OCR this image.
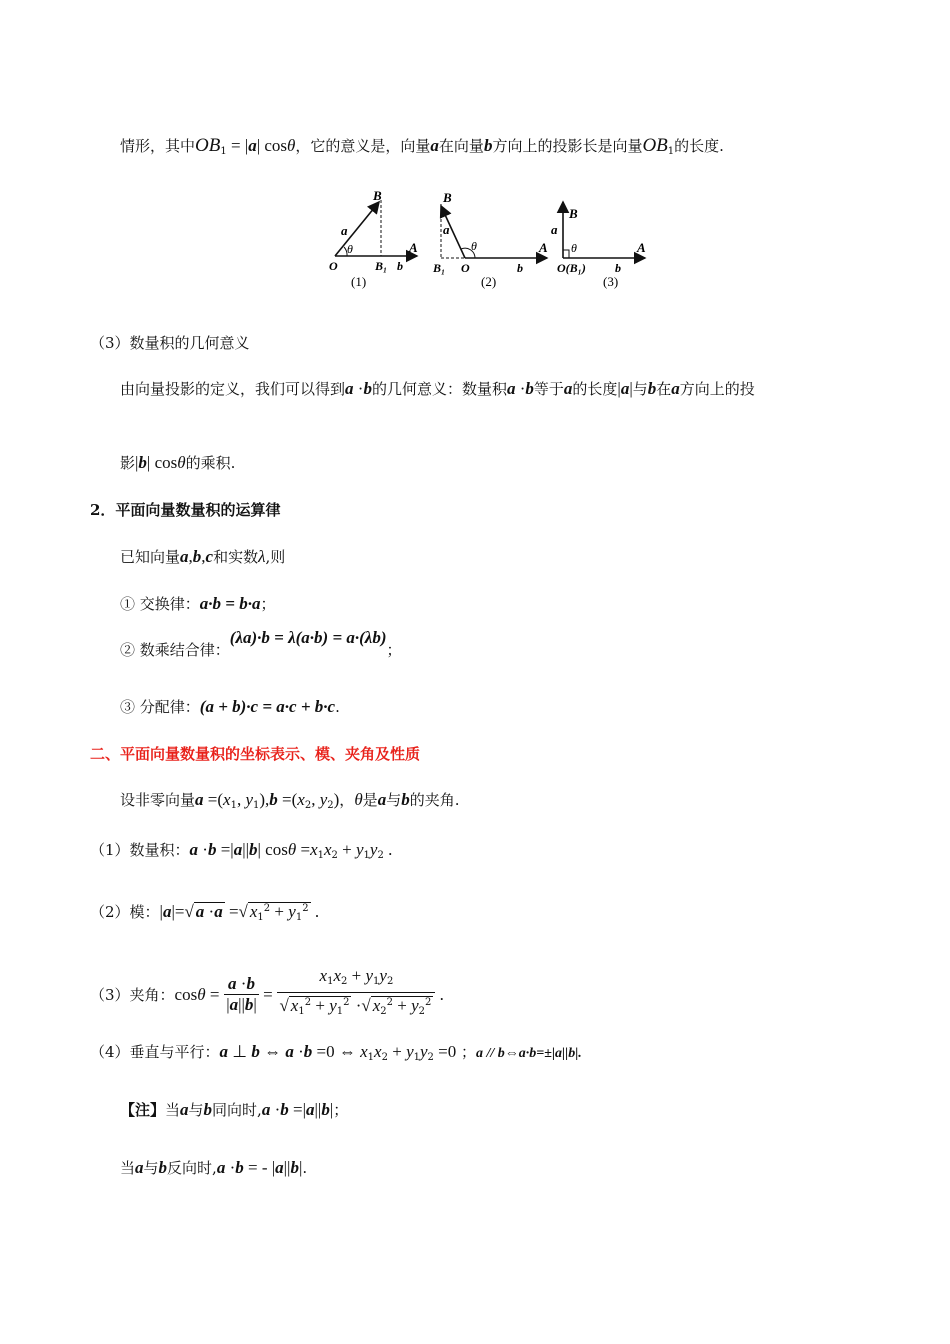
情形，其中$OB_1 = |a|$ cosθ，它的意义是，向量a在向量b方向上的投影长是向量$OB_1$的长度.
B
a
θ
O	B₁ b
A
(1)
B
a
θ
B₁ O	b
A
(2)
B
a
θ
O(B₁) b
A
(3)
（3）数量积的几何意义
由向量投影的定义，我们可以得到a ·b的几何意义：数量积a ·b等于a的长度|a|与b在a方向上的投
影|b| cosθ的乘积.
2．平面向量数量积的运算律
已知向量a,b,c和实数λ,则
① 交换律：a·b = b·a；
② 数乘结合律：(λa)·b = λ(a·b) = a·(λb)；
③ 分配律：(a + b)·c = a·c + b·c.
二、平面向量数量积的坐标表示、模、夹角及性质
设非零向量$a =(x_1$, $y_1),b =(x_2$, $y_2$)，θ是a与b的夹角.
（1）数量积：a ·b =|a||b| $\cos\theta =x_1x_2 + y_1y_2$ .
（2）模：|a|=√ a ·a =√ $x_1^2 + y_1^2$ .
（3）夹角：$\cos\theta = \frac{a \cdot b}{|a||b|} = \frac{x_1x_2 + y_1y_2}{√ x_1^2 + y_1^2 \cdot√ x_2^2 + y_2^2}$ .
（4）垂直与平行：a ⊥ b ⇔ a ·b =0 ⇔ $x_1x_2 + y_1y_2 =0$ ；a // b⇔a·b=±|a||b|.
【注】当a与b同向时,a ·b =|a||b|；
当a与b反向时,a ·b = - |a||b|.
